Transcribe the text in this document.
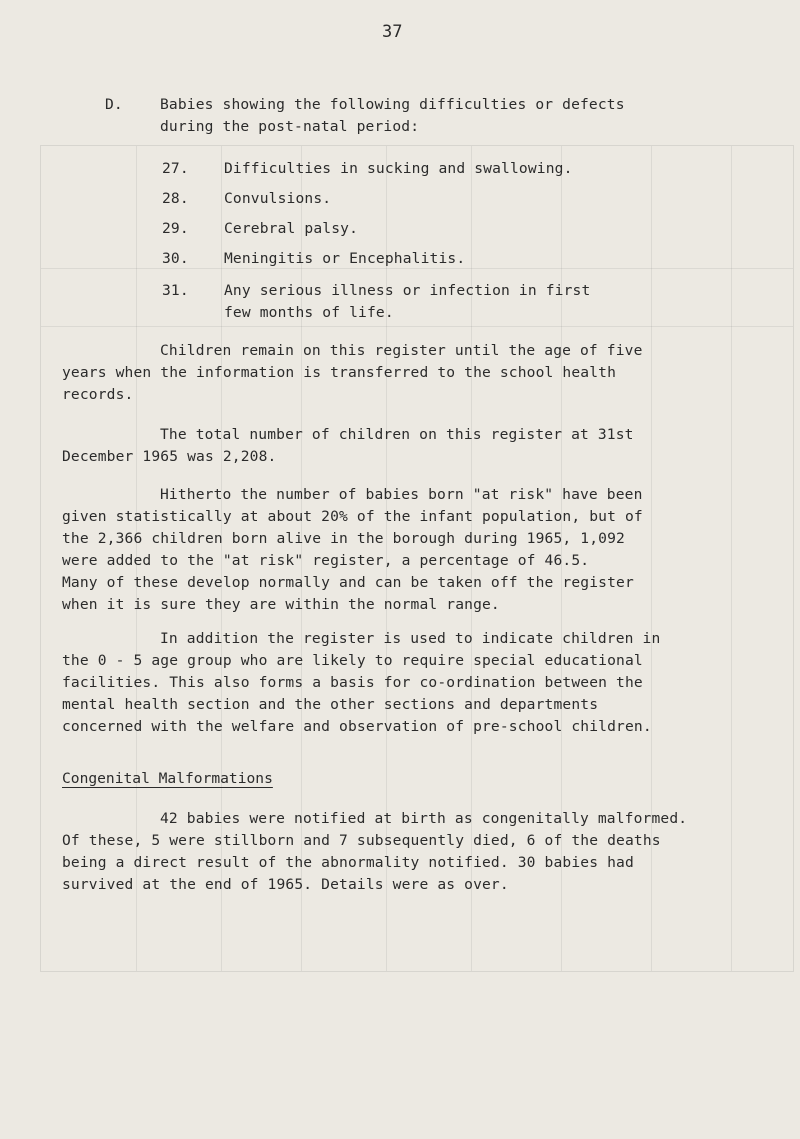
37
D.	Babies showing the following difficulties or defects
during the post-natal period:
27. Difficulties in sucking and swallowing.
28. Convulsions.
29. Cerebral palsy.
30. Meningitis or Encephalitis.
31. Any serious illness or infection in first
few months of life.
Children remain on this register until the age of five
years when the information is transferred to the school health
records.
The total number of children on this register at 31st
December 1965 was 2,208.
Hitherto the number of babies born "at risk" have been
given statistically at about 20% of the infant population, but of
the 2,366 children born alive in the borough during 1965, 1,092
were added to the "at risk" register, a percentage of 46.5.
Many of these develop normally and can be taken off the register
when it is sure they are within the normal range.
In addition the register is used to indicate children in
the 0 - 5 age group who are likely to require special educational
facilities. This also forms a basis for co-ordination between the
mental health section and the other sections and departments
concerned with the welfare and observation of pre-school children.
Congenital Malformations
42 babies were notified at birth as congenitally malformed.
Of these, 5 were stillborn and 7 subsequently died, 6 of the deaths
being a direct result of the abnormality notified. 30 babies had
survived at the end of 1965. Details were as over.
